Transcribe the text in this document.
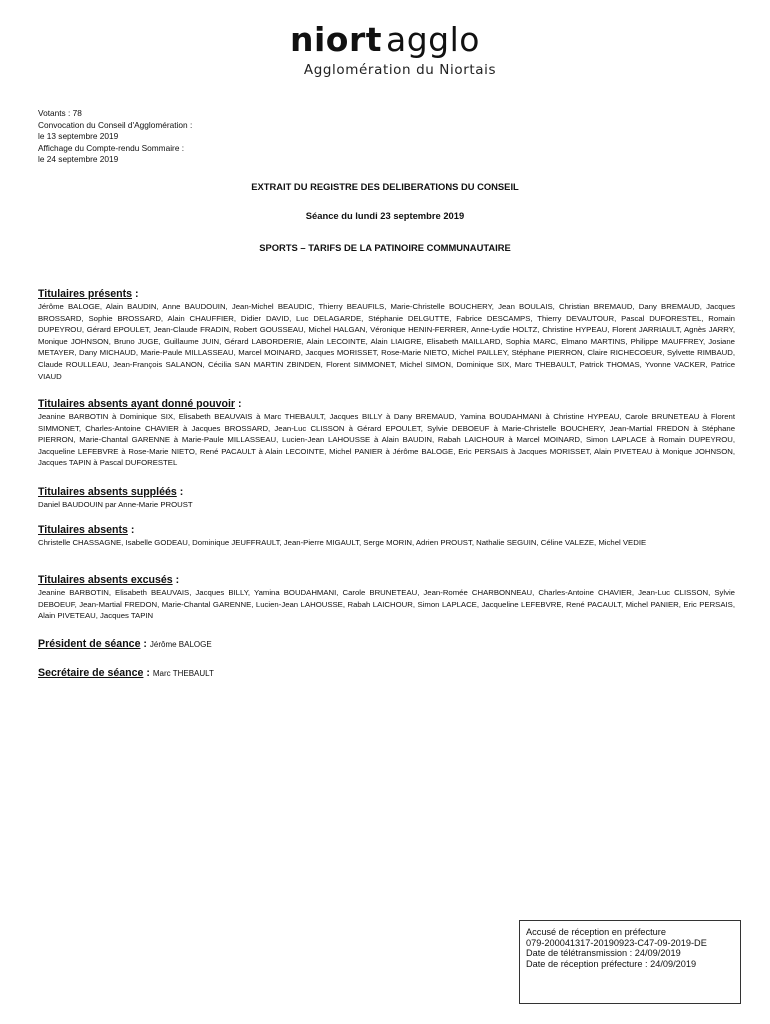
niort agglo
Agglomération du Niortais
Votants : 78
Convocation du Conseil d'Agglomération :
le 13 septembre 2019
Affichage du Compte-rendu Sommaire :
le 24 septembre 2019
EXTRAIT DU REGISTRE DES DELIBERATIONS DU CONSEIL
Séance du lundi 23 septembre 2019
SPORTS – TARIFS DE LA PATINOIRE COMMUNAUTAIRE
Titulaires présents :
Jérôme BALOGE, Alain BAUDIN, Anne BAUDOUIN, Jean-Michel BEAUDIC, Thierry BEAUFILS, Marie-Christelle BOUCHERY, Jean BOULAIS, Christian BREMAUD, Dany BREMAUD, Jacques BROSSARD, Sophie BROSSARD, Alain CHAUFFIER, Didier DAVID, Luc DELAGARDE, Stéphanie DELGUTTE, Fabrice DESCAMPS, Thierry DEVAUTOUR, Pascal DUFORESTEL, Romain DUPEYROU, Gérard EPOULET, Jean-Claude FRADIN, Robert GOUSSEAU, Michel HALGAN, Véronique HENIN-FERRER, Anne-Lydie HOLTZ, Christine HYPEAU, Florent JARRIAULT, Agnès JARRY, Monique JOHNSON, Bruno JUGE, Guillaume JUIN, Gérard LABORDERIE, Alain LECOINTE, Alain LIAIGRE, Elisabeth MAILLARD, Sophia MARC, Elmano MARTINS, Philippe MAUFFREY, Josiane METAYER, Dany MICHAUD, Marie-Paule MILLASSEAU, Marcel MOINARD, Jacques MORISSET, Rose-Marie NIETO, Michel PAILLEY, Stéphane PIERRON, Claire RICHECOEUR, Sylvette RIMBAUD, Claude ROULLEAU, Jean-François SALANON, Cécilia SAN MARTIN ZBINDEN, Florent SIMMONET, Michel SIMON, Dominique SIX, Marc THEBAULT, Patrick THOMAS, Yvonne VACKER, Patrice VIAUD
Titulaires absents ayant donné pouvoir :
Jeanine BARBOTIN à Dominique SIX, Elisabeth BEAUVAIS à Marc THEBAULT, Jacques BILLY à Dany BREMAUD, Yamina BOUDAHMANI à Christine HYPEAU, Carole BRUNETEAU à Florent SIMMONET, Charles-Antoine CHAVIER à Jacques BROSSARD, Jean-Luc CLISSON à Gérard EPOULET, Sylvie DEBOEUF à Marie-Christelle BOUCHERY, Jean-Martial FREDON à Stéphane PIERRON, Marie-Chantal GARENNE à Marie-Paule MILLASSEAU, Lucien-Jean LAHOUSSE à Alain BAUDIN, Rabah LAICHOUR à Marcel MOINARD, Simon LAPLACE à Romain DUPEYROU, Jacqueline LEFEBVRE à Rose-Marie NIETO, René PACAULT à Alain LECOINTE, Michel PANIER à Jérôme BALOGE, Eric PERSAIS à Jacques MORISSET, Alain PIVETEAU à Monique JOHNSON, Jacques TAPIN à Pascal DUFORESTEL
Titulaires absents suppléés :
Daniel BAUDOUIN par Anne-Marie PROUST
Titulaires absents :
Christelle CHASSAGNE, Isabelle GODEAU, Dominique JEUFFRAULT, Jean-Pierre MIGAULT, Serge MORIN, Adrien PROUST, Nathalie SEGUIN, Céline VALEZE, Michel VEDIE
Titulaires absents excusés :
Jeanine BARBOTIN, Elisabeth BEAUVAIS, Jacques BILLY, Yamina BOUDAHMANI, Carole BRUNETEAU, Jean-Romée CHARBONNEAU, Charles-Antoine CHAVIER, Jean-Luc CLISSON, Sylvie DEBOEUF, Jean-Martial FREDON, Marie-Chantal GARENNE, Lucien-Jean LAHOUSSE, Rabah LAICHOUR, Simon LAPLACE, Jacqueline LEFEBVRE, René PACAULT, Michel PANIER, Eric PERSAIS, Alain PIVETEAU, Jacques TAPIN
Président de séance : Jérôme BALOGE
Secrétaire de séance : Marc THEBAULT
Accusé de réception en préfecture
079-200041317-20190923-C47-09-2019-DE
Date de télétransmission : 24/09/2019
Date de réception préfecture : 24/09/2019
